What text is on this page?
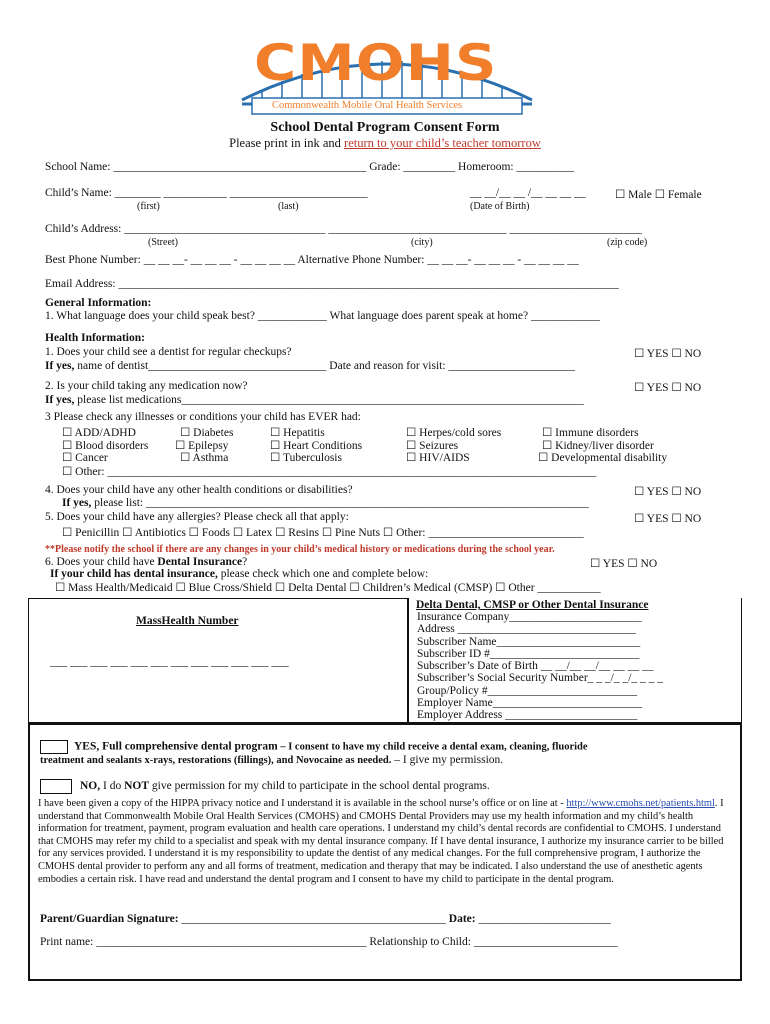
CMOHS
Commonwealth Mobile Oral Health Services
School Dental Program Consent Form
Please print in ink and return to your child’s teacher tomorrow
School Name: ____________________________________________ Grade: _________ Homeroom: __________
Child’s Name: ________ ___________ ________________________	__ __/__ __ /__ __ __ __	☐ Male ☐ Female
(first)	(last)	(Date of Birth)
Child’s Address: ___________________________________ _______________________________ _______________________
(Street)	(city)	(zip code)
Best Phone Number: __ __ __- __ __ __ - __ __ __ __ Alternative Phone Number: __ __ __- __ __ __ - __ __ __ __
Email Address: _______________________________________________________________________________________
General Information:
1. What language does your child speak best? ____________ What language does parent speak at home? ____________
Health Information:
1. Does your child see a dentist for regular checkups?	☐ YES ☐ NO
If yes, name of dentist_______________________________ Date and reason for visit: ______________________
2. Is your child taking any medication now?	☐ YES ☐ NO
If yes, please list medications______________________________________________________________________
3 Please check any illnesses or conditions your child has EVER had:
☐ ADD/ADHD
☐ Blood disorders
☐ Cancer
☐ Diabetes
☐ Epilepsy
☐ Asthma
☐ Hepatitis
☐ Heart Conditions
☐ Tuberculosis
☐ Herpes/cold sores
☐ Seizures
☐ HIV/AIDS
☐ Immune disorders
☐ Kidney/liver disorder
☐ Developmental disability
☐ Other: _____________________________________________________________________________________
4. Does your child have any other health conditions or disabilities?	☐ YES ☐ NO
If yes, please list: _____________________________________________________________________________
5. Does your child have any allergies? Please check all that apply:	☐ YES ☐ NO
☐ Penicillin ☐ Antibiotics ☐ Foods ☐ Latex ☐ Resins ☐ Pine Nuts ☐ Other: ___________________________
**Please notify the school if there are any changes in your child’s medical history or medications during the school year.
6. Does your child have Dental Insurance?	☐ YES ☐ NO
If your child has dental insurance, please check which one and complete below:
☐ Mass Health/Medicaid ☐ Blue Cross/Shield ☐ Delta Dental ☐ Children’s Medical (CMSP) ☐ Other ___________
MassHealth Number
___ ___ ___ ___ ___ ___ ___ ___ ___ ___ ___ ___
Delta Dental, CMSP or Other Dental Insurance
Insurance Company_______________________
Address _______________________________
Subscriber Name_________________________
Subscriber ID #__________________________
Subscriber’s Date of Birth __ __/__ __/__ __ __ __
Subscriber’s Social Security Number_ _ _/_ _/_ _ _ _
Group/Policy #__________________________
Employer Name__________________________
Employer Address _______________________
YES, Full comprehensive dental program – I consent to have my child receive a dental exam, cleaning, fluoride
treatment and sealants x-rays, restorations (fillings), and Novocaine as needed. – I give my permission.
NO, I do NOT give permission for my child to participate in the school dental programs.
I have been given a copy of the HIPPA privacy notice and I understand it is available in the school nurse’s office or on line at - http://www.cmohs.net/patients.html. I understand that Commonwealth Mobile Oral Health Services (CMOHS) and CMOHS Dental Providers may use my health information and my child’s health information for treatment, payment, program evaluation and health care operations. I understand my child’s dental records are confidential to CMOHS. I understand that CMOHS may refer my child to a specialist and speak with my dental insurance company. If I have dental insurance, I authorize my insurance carrier to be billed for any services provided. I understand it is my responsibility to update the dentist of any medical changes. For the full comprehensive program, I authorize the CMOHS dental provider to perform any and all forms of treatment, medication and therapy that may be indicated. I also understand the use of anesthetic agents embodies a certain risk. I have read and understand the dental program and I consent to have my child to participate in the dental program.
Parent/Guardian Signature: ______________________________________________ Date: _______________________
Print name: _______________________________________________ Relationship to Child: _________________________
